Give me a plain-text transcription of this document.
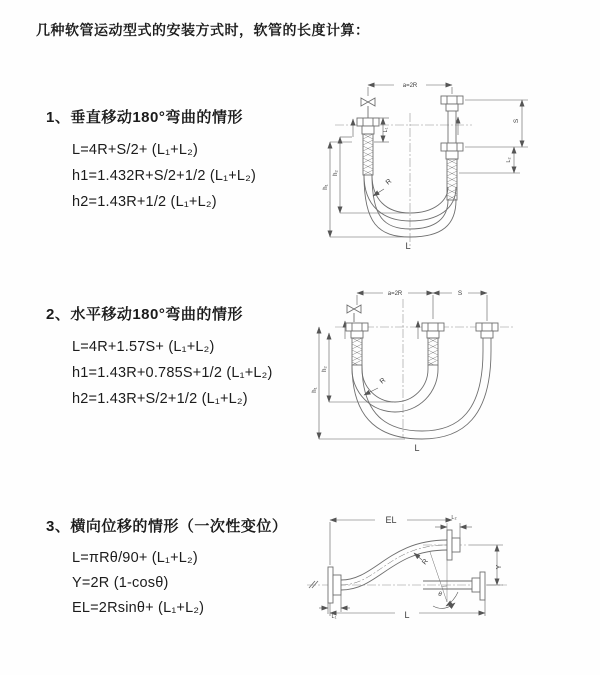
几种软管运动型式的安装方式时，软管的长度计算：
1、垂直移动180°弯曲的情形
L=4R+S/2+ (L₁+L₂)
h1=1.432R+S/2+1/2 (L₁+L₂)
h2=1.43R+1/2 (L₁+L₂)
2、水平移动180°弯曲的情形
L=4R+1.57S+ (L₁+L₂)
h1=1.43R+0.785S+1/2 (L₁+L₂)
h2=1.43R+S/2+1/2 (L₁+L₂)
3、横向位移的情形（一次性变位）
L=πRθ/90+ (L₁+L₂)
Y=2R (1-cosθ)
EL=2Rsinθ+ (L₁+L₂)
R
a=2R
S
L₂
L₁
h₁
h₂
L
R
a=2R	S
h₁
h₂
L
θ
R
EL	L₂
L₁
Y
L
